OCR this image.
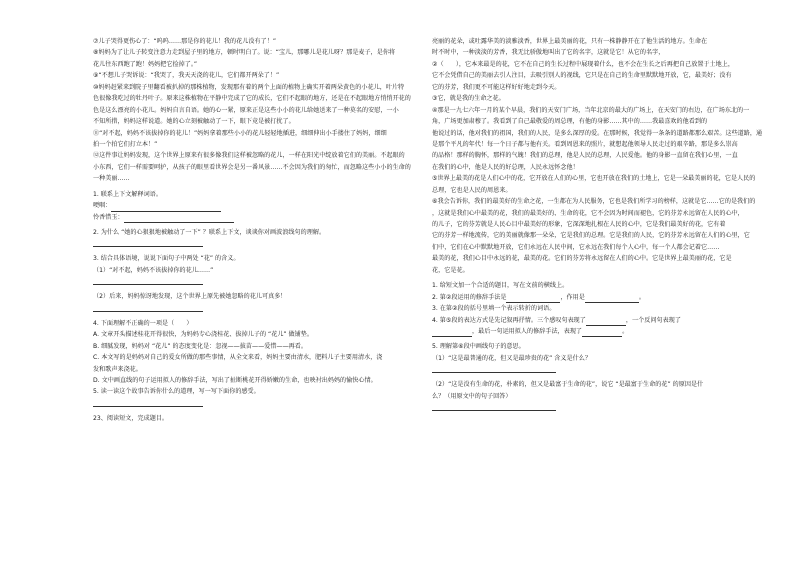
⑦儿子哭得更伤心了：“呜呜……那是你的花儿！我的花儿没有了！”
⑧妈妈为了让儿子转变注意力走到屋子里的地方，顿时明白了。说：“宝儿，那哪儿是花儿呀？那是麦子，是你将
花儿往东西跑了跑！妈妈把它捡掉了。”
⑨“不想儿子哭诉说：“我哭了，我天天浇的花儿，它们都开两朵了！”
⑩妈妈赶紧来到院子里翻看被扒掉的那株植物，发现那有着的两个上面的植物上确实开着两朵黄色的小花儿，叶片特
色很像我吃过的牡丹叶子。原来这株植物在平静中完成了它的成长，它们不起眼的地方，还是在不起眼地方悄悄开花的
色是这么漂亮的小花儿。妈妈自言自语。她的心一紧，原来正是这些小小的花儿给她送来了一种莫名的安慰，一小
不知所措，妈妈这样说道。她的心立刻被触动了一下，眼下竟是被打扰了。
⑪“对不起，妈妈不该拔掉你的花儿！”妈妈拿着那些小小的花儿轻轻地插进，细细伸出小手搂住了妈妈，细细
拍一个拍它们打立本！”
⑫这件事让妈妈发现，这个世界上原来有很多像我们这样被忽略的花儿，一样在阳光中绽放着它们的美丽。不起眼的
小东西，它们一样需要呵护，从孩子的眼里看世界会是另一番风景……不会因为我们的匆忙，而忽略这些小小的生命的
一种美丽……
1. 联系上下文解释词语。
哽咽：
怜香惜玉：
2. 为什么 “她的心狠狠地被触动了一下” ？联系上下文，谈谈你对画波浪线句的理解。
3. 结合具体语境，说说下面句子中两处 “花” 的含义。
（1）“对不起，妈妈不该拔掉你的花儿……”
（2）后来，妈妈惊讶地发现，这个世界上原先被她忽略的花儿可真多！
4. 下面理解不正确的一项是（　　）
A. 文章开头描述桂花开得很快，为妈妈专心浇桂花、拔掉儿子的 “花儿” 做铺垫。
B. 细腻发现，妈妈对 “花儿” 的态度变化是：忽视——拔苗——爱惜——再看。
C. 本文写的是妈妈对自己的爱女所做的那些事情，从全文来看，妈妈主要由清水，肥料儿子主要用清水，浇
发和歌声来浇花。
D. 文中画直线的句子运用拟人的修辞手法，写出了扯断桃花开得娇嫩的生命，也映衬出妈妈的愉快心情。
5. 读一读这个故事告诉你什么的道理，写一写下面你的感受。
23、阅读短文，完成题目。
亮丽的花朵，或吐露华美的淡雅淡香，世界上最美丽的花，只有一株静静开在了他生活的地方。生命在
时不时中，一种淡淡的芳香，我无比骄傲地叫出了它的名字，这就是它！从它的名字，
②（　　），它本来最是的花，它不在自己的生长过程中展现着什么，也不会在生长之后再把自己放置于土地上，
它不会凭借自己的美丽去引人注目，去吸引别人的视线，它只是在自己的生命里默默地开放，它，最美好；没有
它的芬芳，我们更不可能这样好好地走到今天。
③它，就是我的生命之花。
④那是一九七六年一月的某个早晨，我们的天安门广场，当年北京的最大的广场上，在天安门的右边，在广场东北的一
角，广场更加肃穆了。我看到了自己最敬爱的周总理，有他的身影……其中的……我最喜欢的他看到的
他说过的话，他对我们的祖国，我们的人民，是多么深厚的爱。在那时候，我觉得一条条的道路都那么艰苦。这些道路，通
是那个平凡的年代！每一个日子都与他有关。看到周恩来的照片，就想起他领导人民走过的艰辛路，那是多么崇高
的品格！那样的胸怀，那样的气魄！我们的总理，他是人民的总理，人民爱他。他的身影一直留在我们心里，一直
在我们的心中，他是人民的好总理，人民永远怀念他！
⑤世界上最美的花是人们心中的花，它开放在人们的心里，它也开放在我们的土地上，它是一朵最美丽的花，它是人民的
总理，它也是人民的周恩来。
⑥我会告诉你，我们的最美好的生命之花，一生都在为人民服务，它也是我们所学习的榜样，这就是它……它的是我们的
，这就是我们心中最美的花，我们的最美好的、生命的花，它不会因为时间而褪色，它的芬芳永远留在人民的心中，
的儿子，它的芬芳就是人民心目中最美好的形象，它深深地扎根在人民的心中，它是我们最美好的花，它有着
它的芬芳一样地流传，它的美丽就像那一朵朵，它是我们的总理。它是我们的人民，它的芬芳永远留在人们的心里，它
们中，它们在心中默默地开放，它们永远在人民中间，它永远在我们每个人心中，每一个人都会记着它……
最美的花，我们心目中永远的花，最美的花。它们的芬芳将永远留在人们的心中。它是世界上最美丽的花，它是
花，它是花。
1. 给短文加一个合适的题目，写在文前的横线上。
2. 第②段运用的修辞手法是	，作用是	。
3. 在第②段的括号里填一个表示转折的词语。
4. 第⑤段的表达方式是先记叙再抒情。三个感叹句表现了	，一个反问句表现了
，最后一句运用拟人的修辞手法，表现了	。
5. 理解第⑥段中画线句子的意思。
（1）“这是最普通的花，但又是最珍贵的花” 含义是什么？
（2）“这是没有生命的花，朴素的，但又是最富于生命的花”，说它 “是最富于生命的花” 的原因是什
么？（用原文中的句子回答）
